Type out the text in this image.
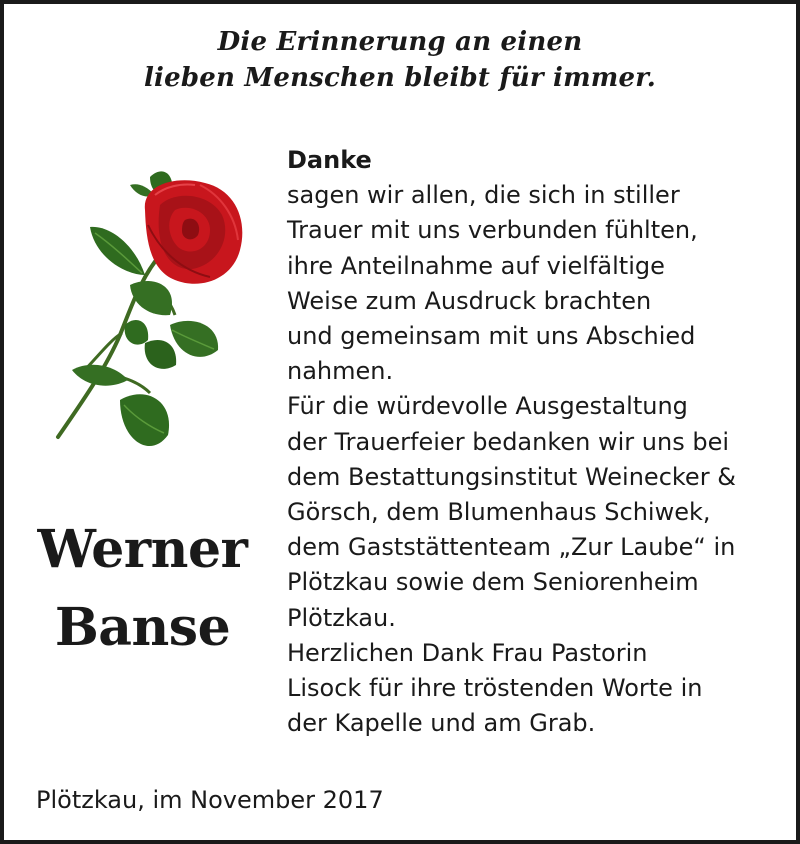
Die Erinnerung an einen
lieben Menschen bleibt für immer.
Werner
Banse
Danke
sagen wir allen, die sich in stiller
Trauer mit uns verbunden fühlten,
ihre Anteilnahme auf vielfältige
Weise zum Ausdruck brachten
und gemeinsam mit uns Abschied
nahmen.
Für die würdevolle Ausgestaltung
der Trauerfeier bedanken wir uns bei
dem Bestattungsinstitut Weinecker &
Görsch, dem Blumenhaus Schiwek,
dem Gaststättenteam „Zur Laube“ in
Plötzkau sowie dem Seniorenheim
Plötzkau.
Herzlichen Dank Frau Pastorin
Lisock für ihre tröstenden Worte in
der Kapelle und am Grab.
Plötzkau, im November 2017
